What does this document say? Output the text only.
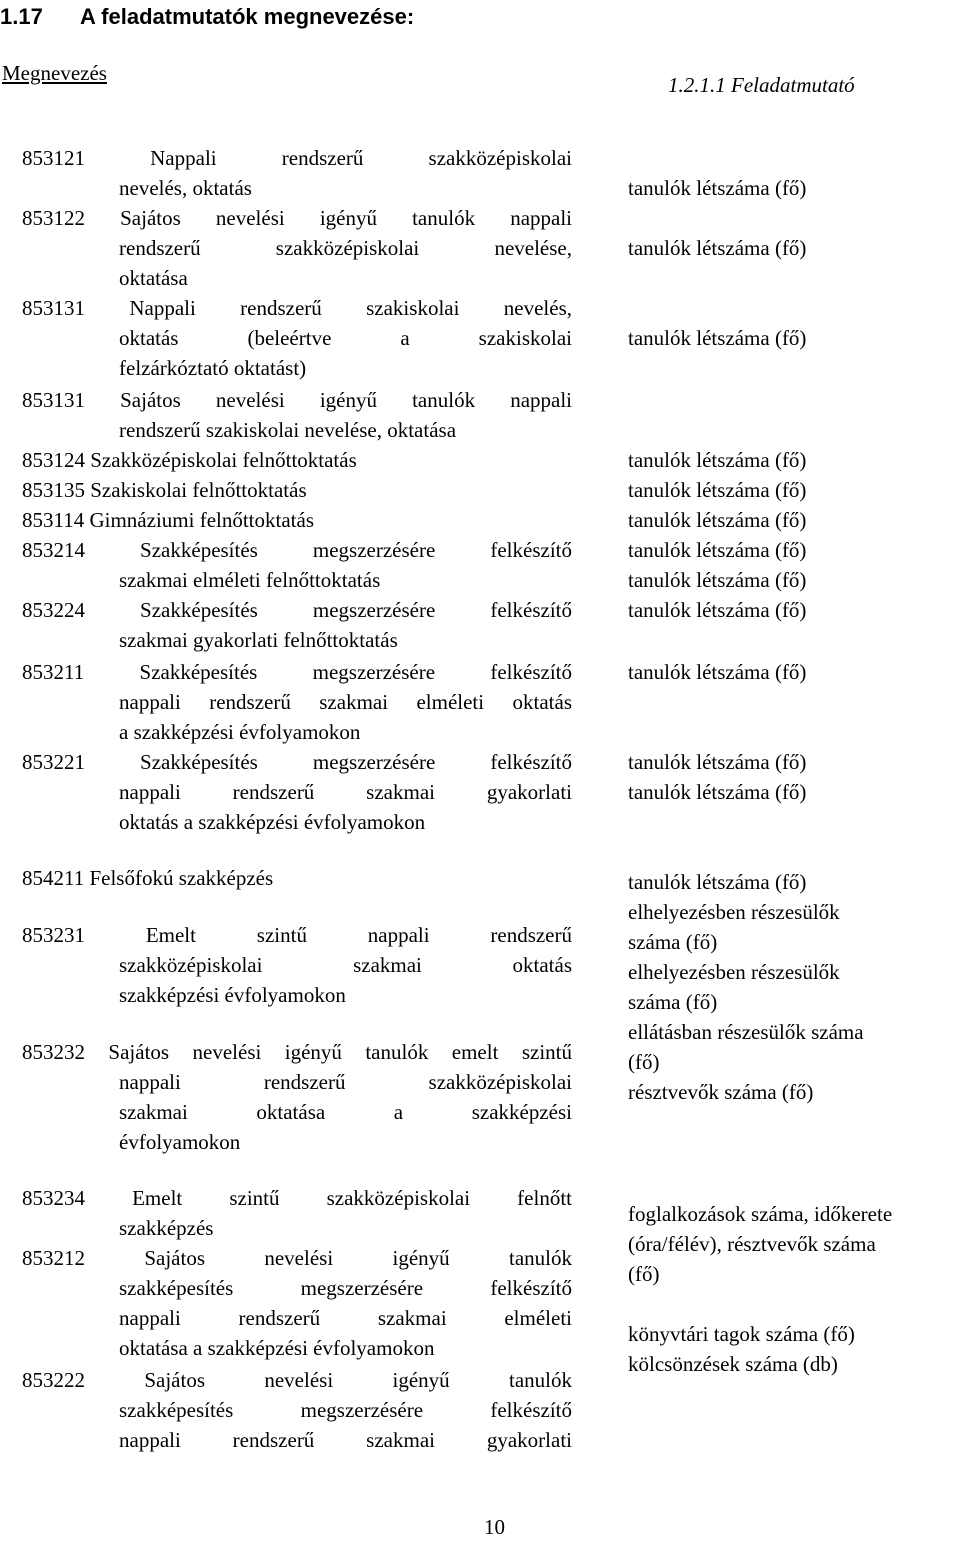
1.17 A feladatmutatók megnevezése:
Megnevezés	1.2.1.1 Feladatmutató
853121 Nappali rendszerű szakközépiskolai
nevelés, oktatás
853122 Sajátos nevelési igényű tanulók nappali
rendszerű szakközépiskolai nevelése,
oktatása
853131 Nappali rendszerű szakiskolai nevelés,
oktatás (beleértve a szakiskolai
felzárkóztató oktatást)
853131 Sajátos nevelési igényű tanulók nappali
rendszerű szakiskolai nevelése, oktatása
853124 Szakközépiskolai felnőttoktatás
853135 Szakiskolai felnőttoktatás
853114 Gimnáziumi felnőttoktatás
853214 Szakképesítés megszerzésére felkészítő
szakmai elméleti felnőttoktatás
853224 Szakképesítés megszerzésére felkészítő
szakmai gyakorlati felnőttoktatás
853211 Szakképesítés megszerzésére felkészítő
nappali rendszerű szakmai elméleti oktatás
a szakképzési évfolyamokon
853221 Szakképesítés megszerzésére felkészítő
nappali rendszerű szakmai gyakorlati
oktatás a szakképzési évfolyamokon
854211 Felsőfokú szakképzés
853231 Emelt szintű nappali rendszerű
szakközépiskolai szakmai oktatás
szakképzési évfolyamokon
853232 Sajátos nevelési igényű tanulók emelt szintű
nappali rendszerű szakközépiskolai
szakmai oktatása a szakképzési
évfolyamokon
853234 Emelt szintű szakközépiskolai felnőtt
szakképzés
853212 Sajátos nevelési igényű tanulók
szakképesítés megszerzésére felkészítő
nappali rendszerű szakmai elméleti
oktatása a szakképzési évfolyamokon
853222 Sajátos nevelési igényű tanulók
szakképesítés megszerzésére felkészítő
nappali rendszerű szakmai gyakorlati
tanulók létszáma (fő)
tanulók létszáma (fő)
tanulók létszáma (fő)
tanulók létszáma (fő)
tanulók létszáma (fő)
tanulók létszáma (fő)
tanulók létszáma (fő)
tanulók létszáma (fő)
tanulók létszáma (fő)
tanulók létszáma (fő)
tanulók létszáma (fő)
tanulók létszáma (fő)
tanulók létszáma (fő)
elhelyezésben részesülők
száma (fő)
elhelyezésben részesülők
száma (fő)
ellátásban részesülők száma
(fő)
résztvevők száma (fő)
foglalkozások száma, időkerete
(óra/félév), résztvevők száma
(fő)
könyvtári tagok száma (fő)
kölcsönzések száma (db)
10
